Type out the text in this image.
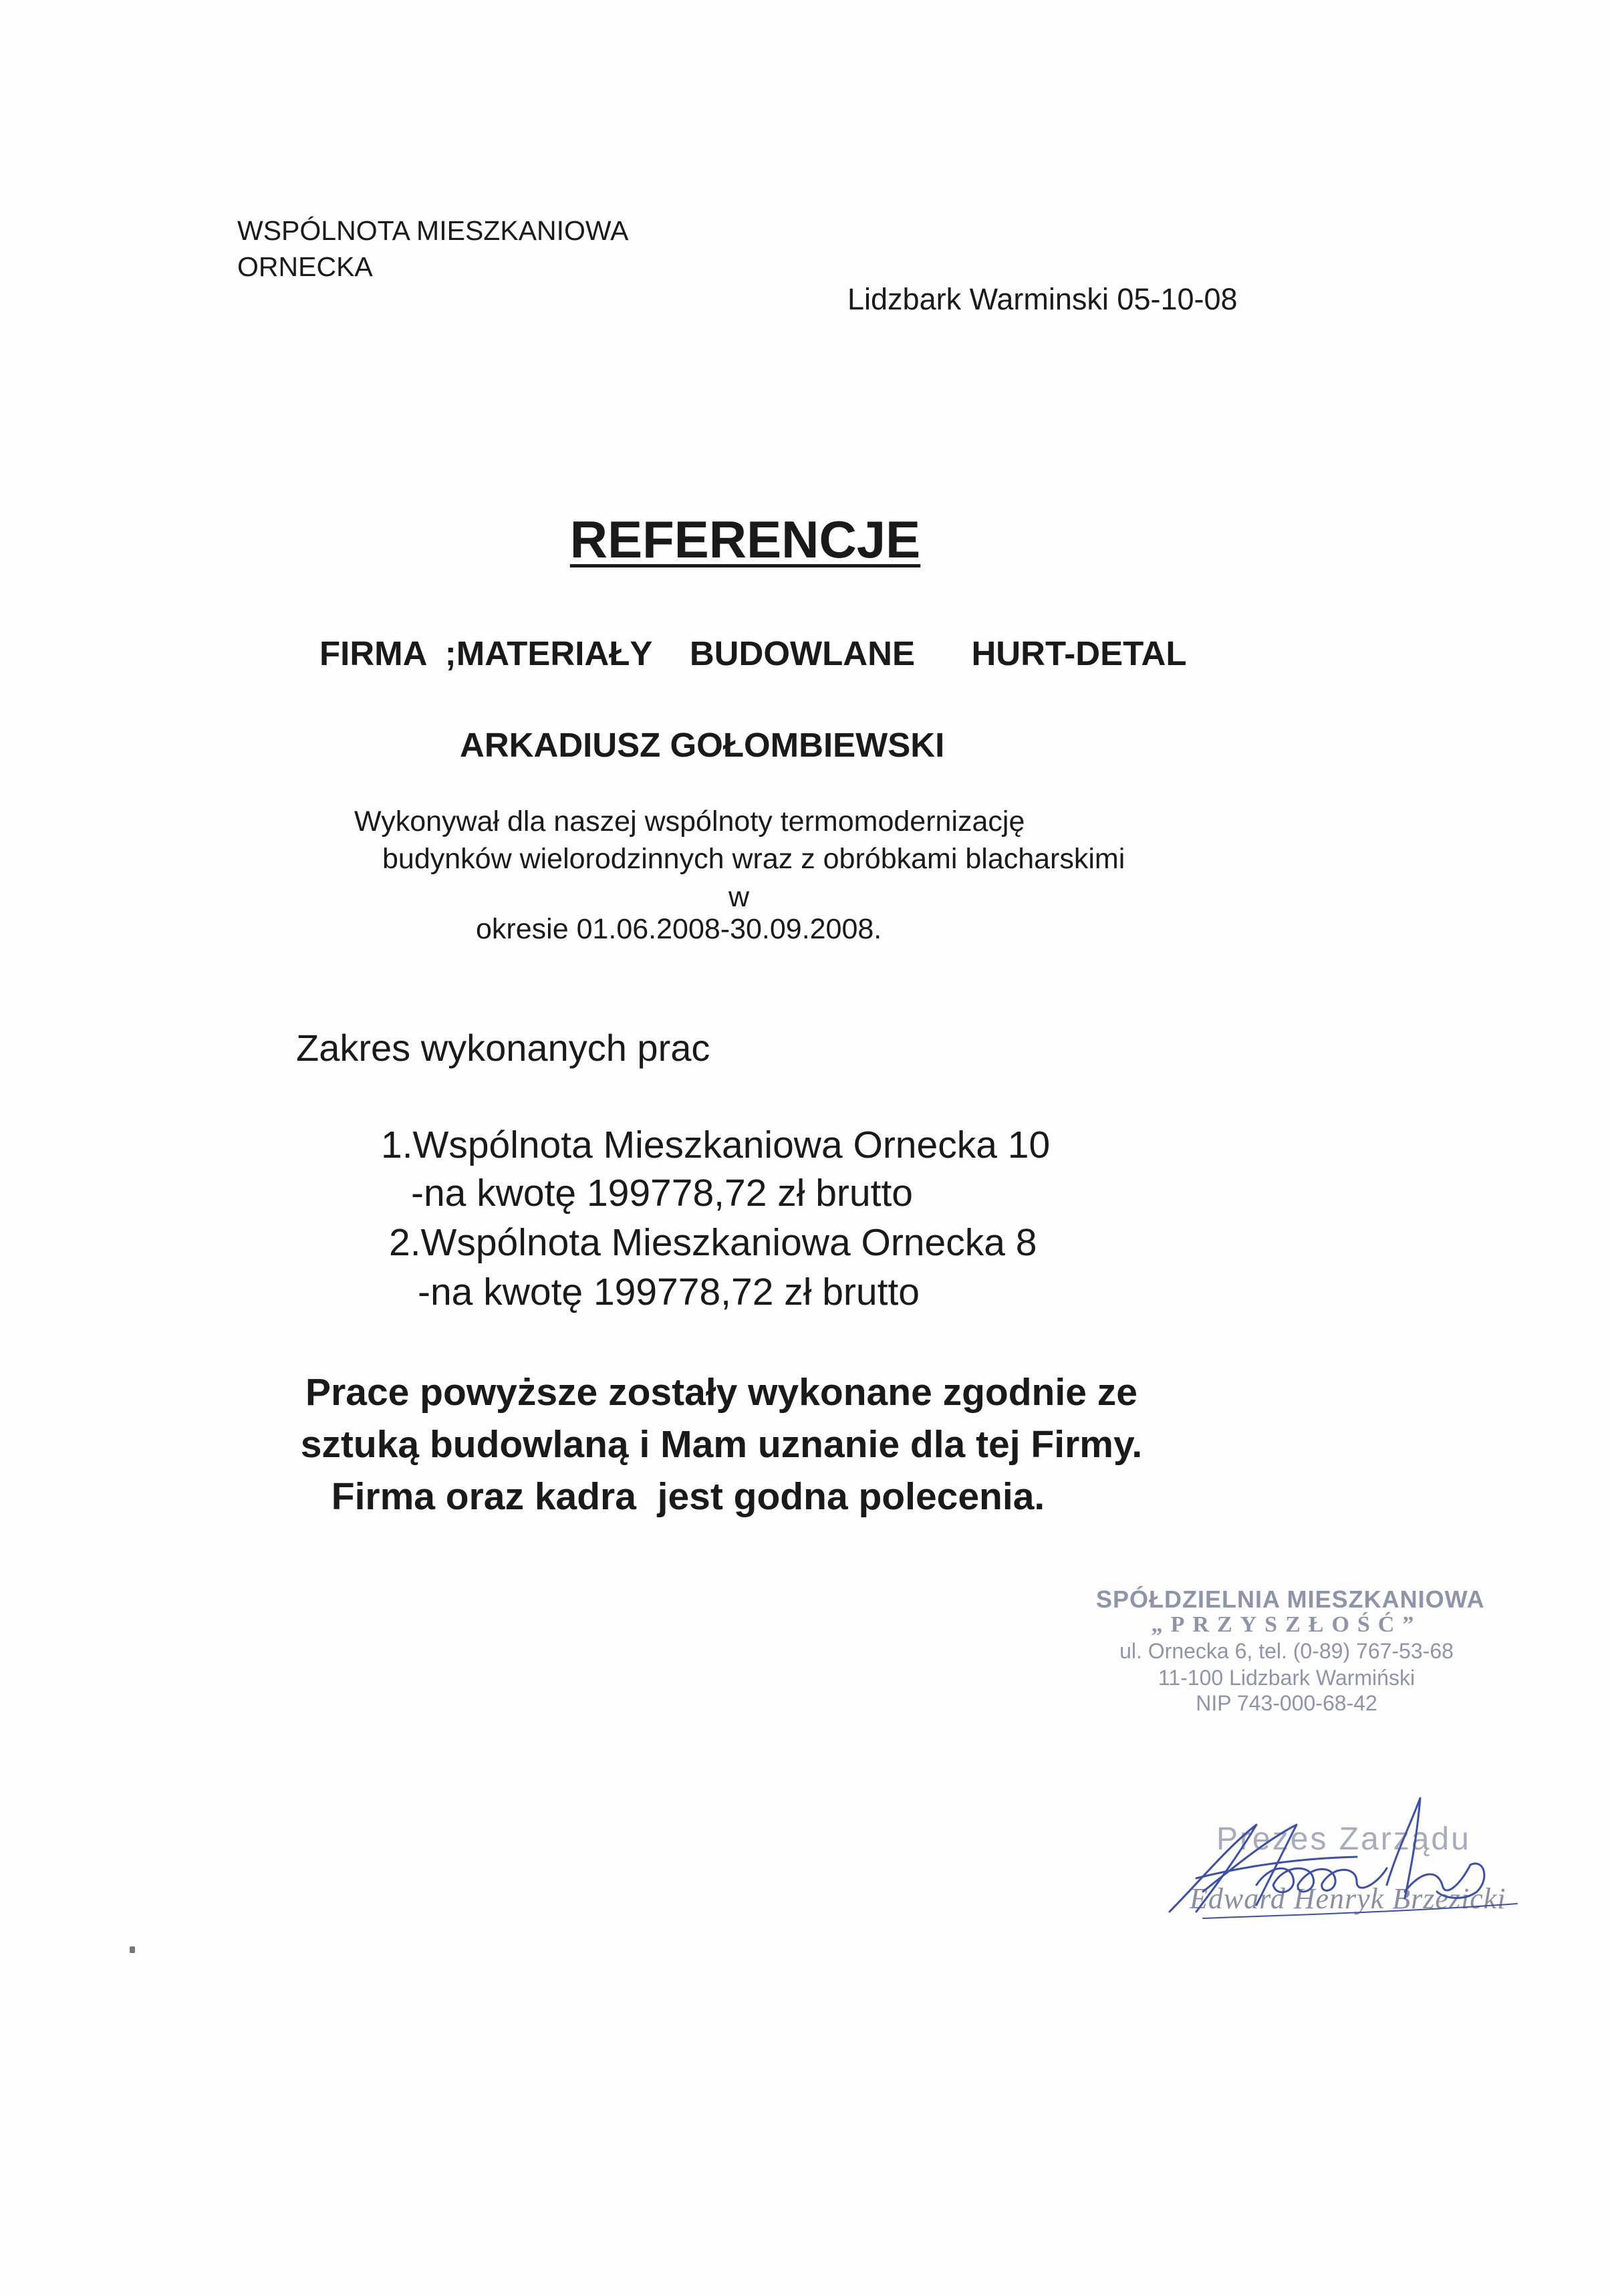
WSPÓLNOTA MIESZKANIOWA
ORNECKA
Lidzbark Warminski 05-10-08
REFERENCJE
FIRMA ;MATERIAŁY  BUDOWLANE   HURT-DETAL
ARKADIUSZ GOŁOMBIEWSKI
Wykonywał dla naszej wspólnoty termomodernizację
budynków wielorodzinnych wraz z obróbkami blacharskimi
w
okresie 01.06.2008-30.09.2008.
Zakres wykonanych prac
1.Wspólnota Mieszkaniowa Ornecka 10
-na kwotę 199778,72 zł brutto
2.Wspólnota Mieszkaniowa Ornecka 8
-na kwotę 199778,72 zł brutto
Prace powyższe zostały wykonane zgodnie ze
sztuką budowlaną i Mam uznanie dla tej Firmy.
Firma oraz kadra  jest godna polecenia.
SPÓŁDZIELNIA MIESZKANIOWA
„PRZYSZŁOŚĆ”
ul. Ornecka 6, tel. (0-89) 767-53-68
11-100 Lidzbark Warmiński
NIP 743-000-68-42
Prezes Zarządu
Edward Henryk Brzezicki
